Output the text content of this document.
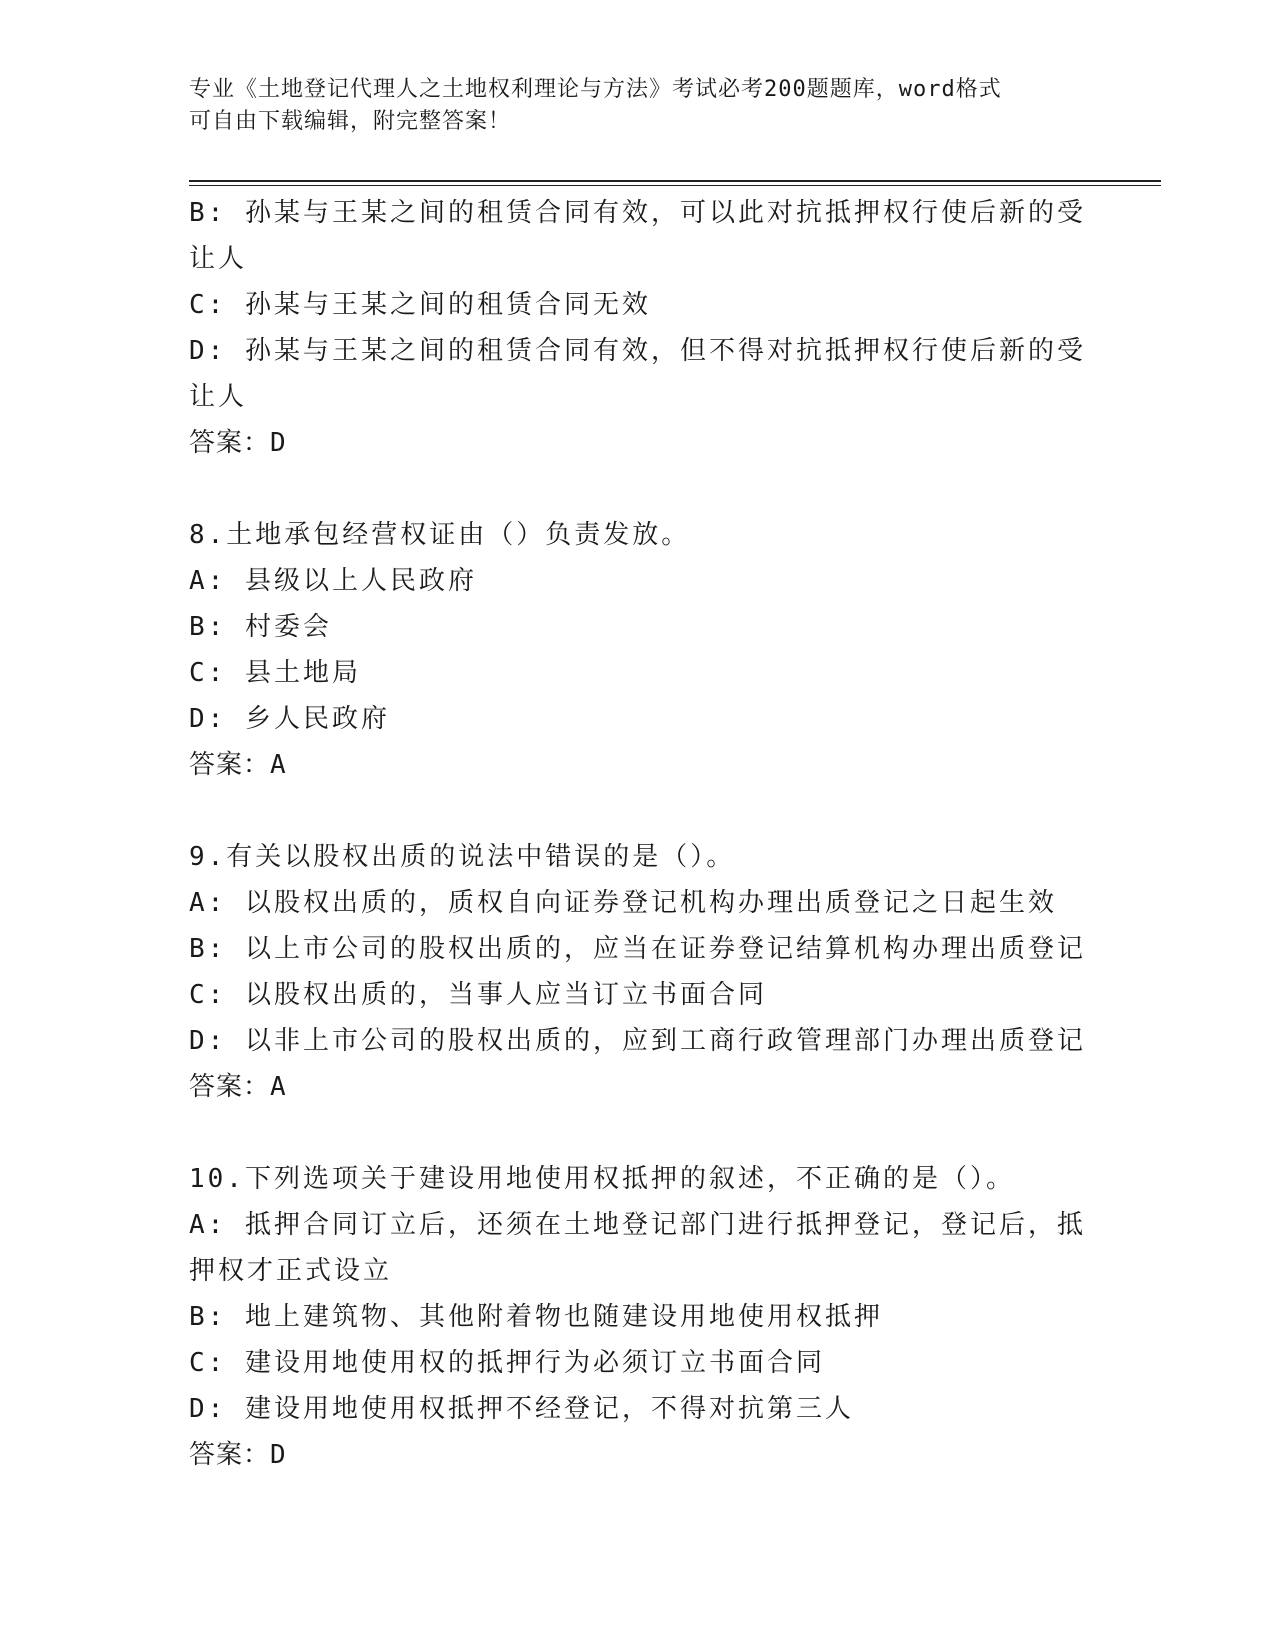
专业《土地登记代理人之土地权利理论与方法》考试必考200题题库，word格式
可自由下载编辑，附完整答案！
B: 孙某与王某之间的租赁合同有效，可以此对抗抵押权行使后新的受
让人
C: 孙某与王某之间的租赁合同无效
D: 孙某与王某之间的租赁合同有效，但不得对抗抵押权行使后新的受
让人
答案：D
8.土地承包经营权证由（）负责发放。
A: 县级以上人民政府
B: 村委会
C: 县土地局
D: 乡人民政府
答案：A
9.有关以股权出质的说法中错误的是（）。
A: 以股权出质的，质权自向证券登记机构办理出质登记之日起生效
B: 以上市公司的股权出质的，应当在证券登记结算机构办理出质登记
C: 以股权出质的，当事人应当订立书面合同
D: 以非上市公司的股权出质的，应到工商行政管理部门办理出质登记
答案：A
10.下列选项关于建设用地使用权抵押的叙述，不正确的是（）。
A: 抵押合同订立后，还须在土地登记部门进行抵押登记，登记后，抵
押权才正式设立
B: 地上建筑物、其他附着物也随建设用地使用权抵押
C: 建设用地使用权的抵押行为必须订立书面合同
D: 建设用地使用权抵押不经登记，不得对抗第三人
答案：D
